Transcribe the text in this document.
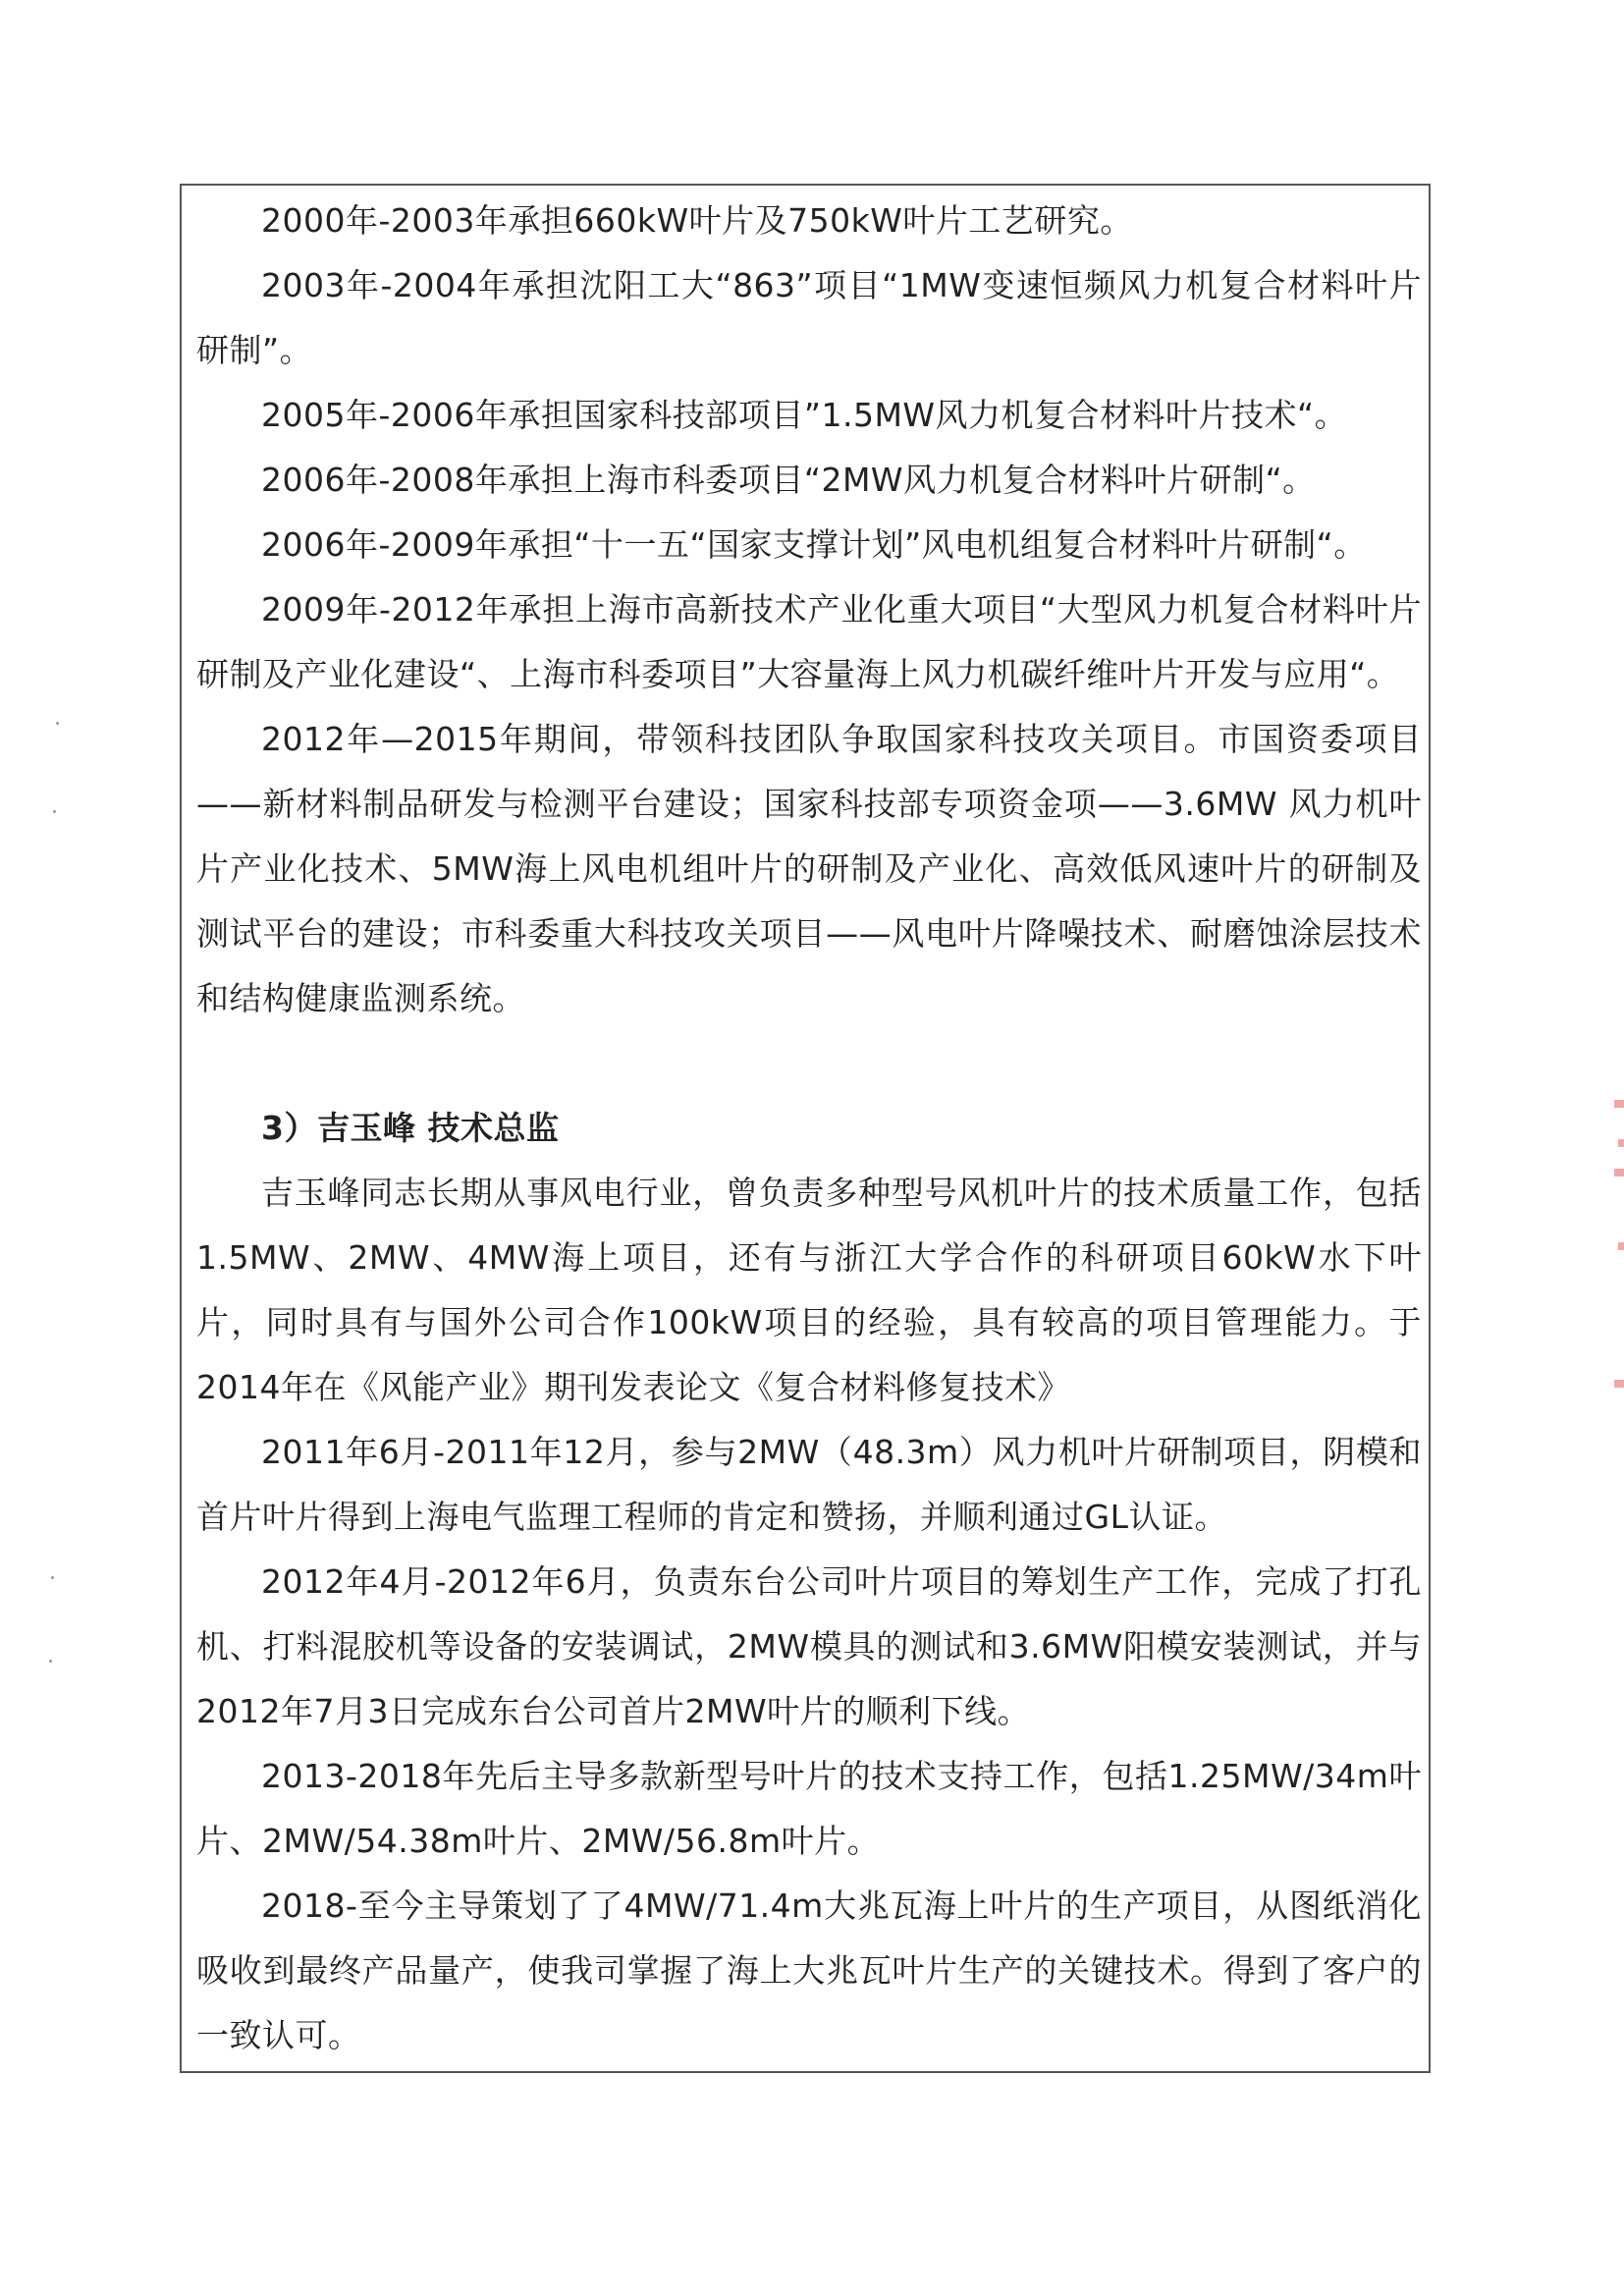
2000年-2003年承担660kW叶片及750kW叶片工艺研究。

2003年-2004年承担沈阳工大“863”项目“1MW变速恒频风力机复合材料叶片研制”。

2005年-2006年承担国家科技部项目”1.5MW风力机复合材料叶片技术“。

2006年-2008年承担上海市科委项目“2MW风力机复合材料叶片研制“。

2006年-2009年承担“十一五“国家支撑计划”风电机组复合材料叶片研制“。

2009年-2012年承担上海市高新技术产业化重大项目“大型风力机复合材料叶片研制及产业化建设“、上海市科委项目”大容量海上风力机碳纤维叶片开发与应用“。

2012年—2015年期间，带领科技团队争取国家科技攻关项目。市国资委项目——新材料制品研发与检测平台建设；国家科技部专项资金项——3.6MW 风力机叶片产业化技术、5MW海上风电机组叶片的研制及产业化、高效低风速叶片的研制及测试平台的建设；市科委重大科技攻关项目——风电叶片降噪技术、耐磨蚀涂层技术和结构健康监测系统。

3）吉玉峰 技术总监

吉玉峰同志长期从事风电行业，曾负责多种型号风机叶片的技术质量工作，包括1.5MW、2MW、4MW海上项目，还有与浙江大学合作的科研项目60kW水下叶片，同时具有与国外公司合作100kW项目的经验，具有较高的项目管理能力。于2014年在《风能产业》期刊发表论文《复合材料修复技术》

2011年6月-2011年12月，参与2MW（48.3m）风力机叶片研制项目，阴模和首片叶片得到上海电气监理工程师的肯定和赞扬，并顺利通过GL认证。

2012年4月-2012年6月，负责东台公司叶片项目的筹划生产工作，完成了打孔机、打料混胶机等设备的安装调试，2MW模具的测试和3.6MW阳模安装测试，并与2012年7月3日完成东台公司首片2MW叶片的顺利下线。

2013-2018年先后主导多款新型号叶片的技术支持工作，包括1.25MW/34m叶片、2MW/54.38m叶片、2MW/56.8m叶片。

2018-至今主导策划了了4MW/71.4m大兆瓦海上叶片的生产项目，从图纸消化吸收到最终产品量产，使我司掌握了海上大兆瓦叶片生产的关键技术。得到了客户的一致认可。
